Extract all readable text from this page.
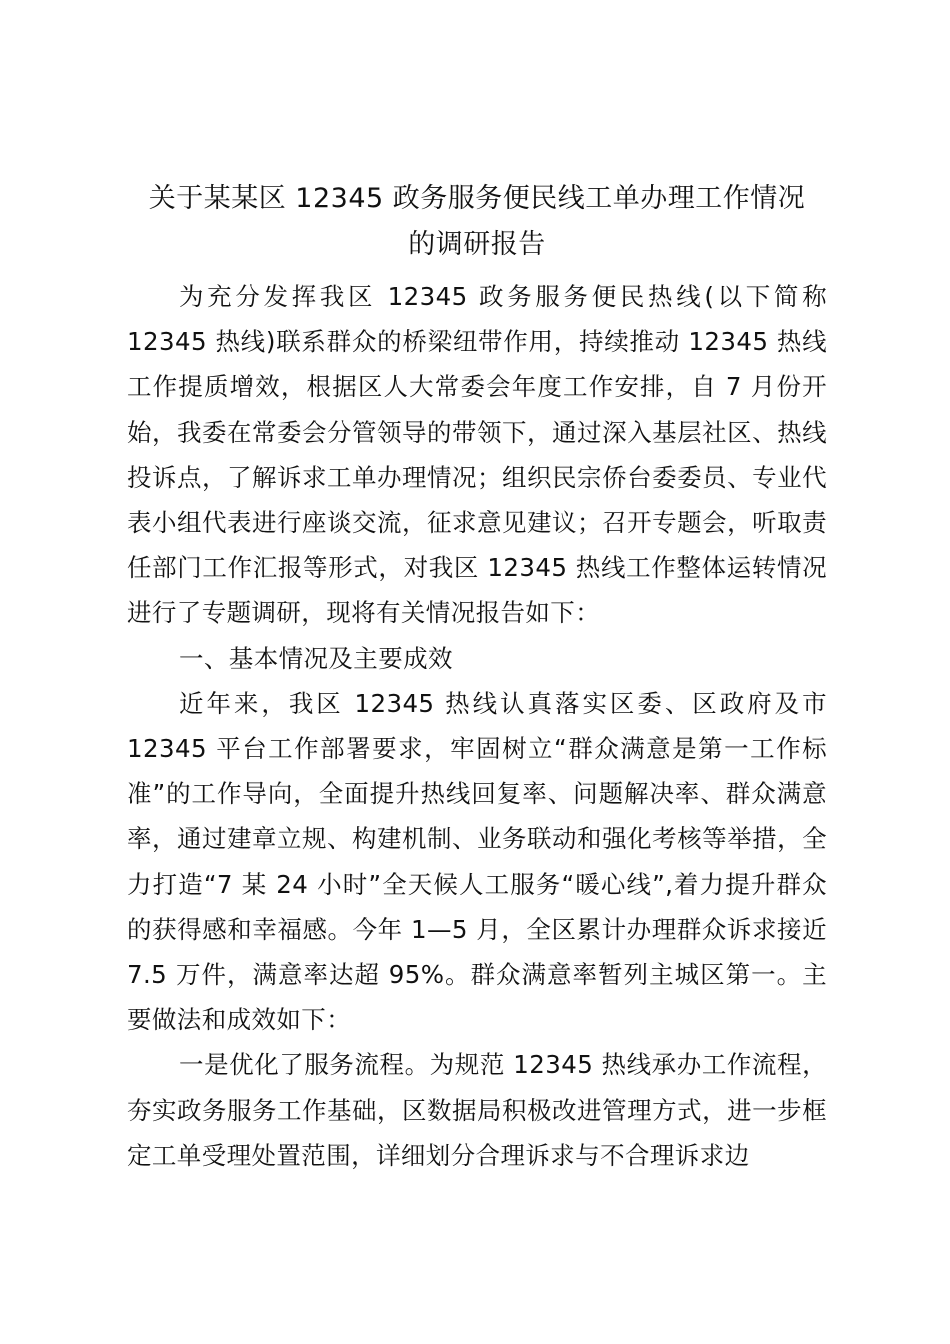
关于某某区 12345 政务服务便民线工单办理工作情况
的调研报告

为充分发挥我区 12345 政务服务便民热线(以下简称 12345 热线)联系群众的桥梁纽带作用，持续推动 12345 热线工作提质增效，根据区人大常委会年度工作安排，自 7 月份开始，我委在常委会分管领导的带领下，通过深入基层社区、热线投诉点，了解诉求工单办理情况；组织民宗侨台委委员、专业代表小组代表进行座谈交流，征求意见建议；召开专题会，听取责任部门工作汇报等形式，对我区 12345 热线工作整体运转情况进行了专题调研，现将有关情况报告如下：

一、基本情况及主要成效

近年来，我区 12345 热线认真落实区委、区政府及市 12345 平台工作部署要求，牢固树立“群众满意是第一工作标准”的工作导向，全面提升热线回复率、问题解决率、群众满意率，通过建章立规、构建机制、业务联动和强化考核等举措，全力打造“7 某 24 小时”全天候人工服务“暖心线”,着力提升群众的获得感和幸福感。今年 1—5 月，全区累计办理群众诉求接近 7.5 万件，满意率达超 95%。群众满意率暂列主城区第一。主要做法和成效如下：

一是优化了服务流程。为规范 12345 热线承办工作流程，夯实政务服务工作基础，区数据局积极改进管理方式，进一步框定工单受理处置范围，详细划分合理诉求与不合理诉求边
